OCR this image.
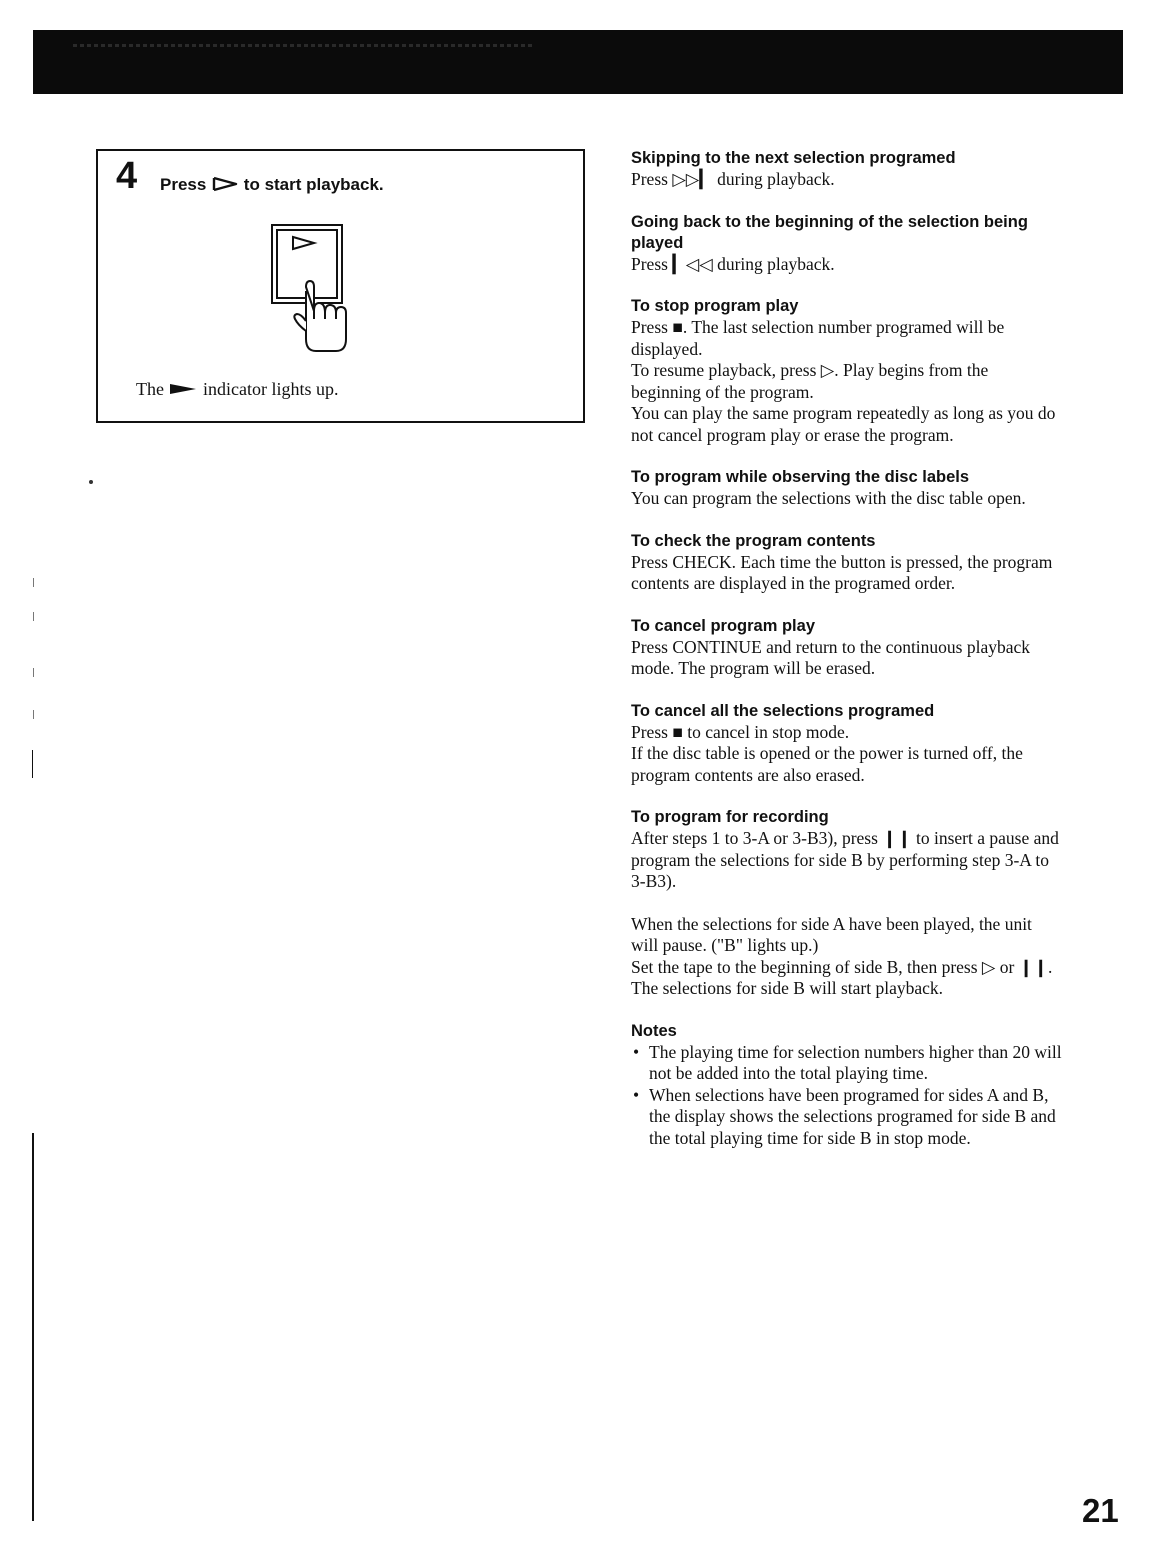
4 Press to start playback.
The indicator lights up.

Skipping to the next selection programed

Press ▷▷▎ during playback.

Going back to the beginning of the selection being

played

Press ▎◁◁ during playback.

To stop program play

Press ■. The last selection number programed will be

displayed.

To resume playback, press ▷. Play begins from the

beginning of the program.

You can play the same program repeatedly as long as you do

not cancel program play or erase the program.

To program while observing the disc labels

You can program the selections with the disc table open.

To check the program contents

Press CHECK. Each time the button is pressed, the program

contents are displayed in the programed order.

To cancel program play

Press CONTINUE and return to the continuous playback

mode. The program will be erased.

To cancel all the selections programed

Press ■ to cancel in stop mode.

If the disc table is opened or the power is turned off, the

program contents are also erased.

To program for recording

After steps 1 to 3-A or 3-B3), press ❙❙ to insert a pause and

program the selections for side B by performing step 3-A to

3-B3).

When the selections for side A have been played, the unit

will pause. ("B" lights up.)

Set the tape to the beginning of side B, then press ▷ or ❙❙.

The selections for side B will start playback.

Notes

• The playing time for selection numbers higher than 20 will
not be added into the total playing time.
• When selections have been programed for sides A and B,
the display shows the selections programed for side B and
the total playing time for side B in stop mode.
21
